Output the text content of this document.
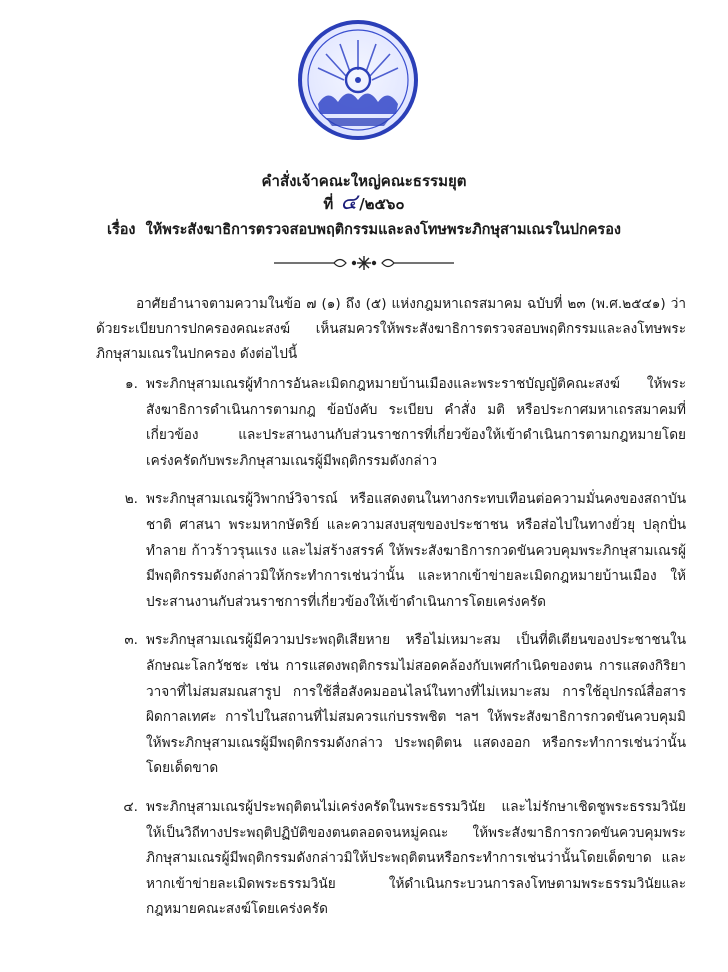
คำสั่งเจ้าคณะใหญ่คณะธรรมยุต
ที่ ๔ /๒๕๖๐
เรื่อง ให้พระสังฆาธิการตรวจสอบพฤติกรรมและลงโทษพระภิกษุสามเณรในปกครอง

อาศัยอำนาจตามความในข้อ ๗ (๑) ถึง (๕) แห่งกฎมหาเถรสมาคม ฉบับที่ ๒๓ (พ.ศ.๒๕๔๑) ว่าด้วยระเบียบการปกครองคณะสงฆ์ เห็นสมควรให้พระสังฆาธิการตรวจสอบพฤติกรรมและลงโทษพระภิกษุสามเณรในปกครอง ดังต่อไปนี้

๑. พระภิกษุสามเณรผู้ทำการอันละเมิดกฎหมายบ้านเมืองและพระราชบัญญัติคณะสงฆ์ ให้พระสังฆาธิการดำเนินการตามกฎ ข้อบังคับ ระเบียบ คำสั่ง มติ หรือประกาศมหาเถรสมาคมที่เกี่ยวข้อง และประสานงานกับส่วนราชการที่เกี่ยวข้องให้เข้าดำเนินการตามกฎหมายโดยเคร่งครัดกับพระภิกษุสามเณรผู้มีพฤติกรรมดังกล่าว
๒. พระภิกษุสามเณรผู้วิพากษ์วิจารณ์ หรือแสดงตนในทางกระทบเทือนต่อความมั่นคงของสถาบันชาติ ศาสนา พระมหากษัตริย์ และความสงบสุขของประชาชน หรือส่อไปในทางยั่วยุ ปลุกปั่น ทำลาย ก้าวร้าวรุนแรง และไม่สร้างสรรค์ ให้พระสังฆาธิการกวดขันควบคุมพระภิกษุสามเณรผู้มีพฤติกรรมดังกล่าวมิให้กระทำการเช่นว่านั้น และหากเข้าข่ายละเมิดกฎหมายบ้านเมือง ให้ประสานงานกับส่วนราชการที่เกี่ยวข้องให้เข้าดำเนินการโดยเคร่งครัด
๓. พระภิกษุสามเณรผู้มีความประพฤติเสียหาย หรือไม่เหมาะสม เป็นที่ติเตียนของประชาชนในลักษณะโลกวัชชะ เช่น การแสดงพฤติกรรมไม่สอดคล้องกับเพศกำเนิดของตน การแสดงกิริยาวาจาที่ไม่สมสมณสารูป การใช้สื่อสังคมออนไลน์ในทางที่ไม่เหมาะสม การใช้อุปกรณ์สื่อสารผิดกาลเทศะ การไปในสถานที่ไม่สมควรแก่บรรพชิต ฯลฯ ให้พระสังฆาธิการกวดขันควบคุมมิให้พระภิกษุสามเณรผู้มีพฤติกรรมดังกล่าว ประพฤติตน แสดงออก หรือกระทำการเช่นว่านั้นโดยเด็ดขาด
๔. พระภิกษุสามเณรผู้ประพฤติตนไม่เคร่งครัดในพระธรรมวินัย และไม่รักษาเชิดชูพระธรรมวินัยให้เป็นวิถีทางประพฤติปฏิบัติของตนตลอดจนหมู่คณะ ให้พระสังฆาธิการกวดขันควบคุมพระภิกษุสามเณรผู้มีพฤติกรรมดังกล่าวมิให้ประพฤติตนหรือกระทำการเช่นว่านั้นโดยเด็ดขาด และหากเข้าข่ายละเมิดพระธรรมวินัย ให้ดำเนินกระบวนการลงโทษตามพระธรรมวินัยและกฎหมายคณะสงฆ์โดยเคร่งครัด
